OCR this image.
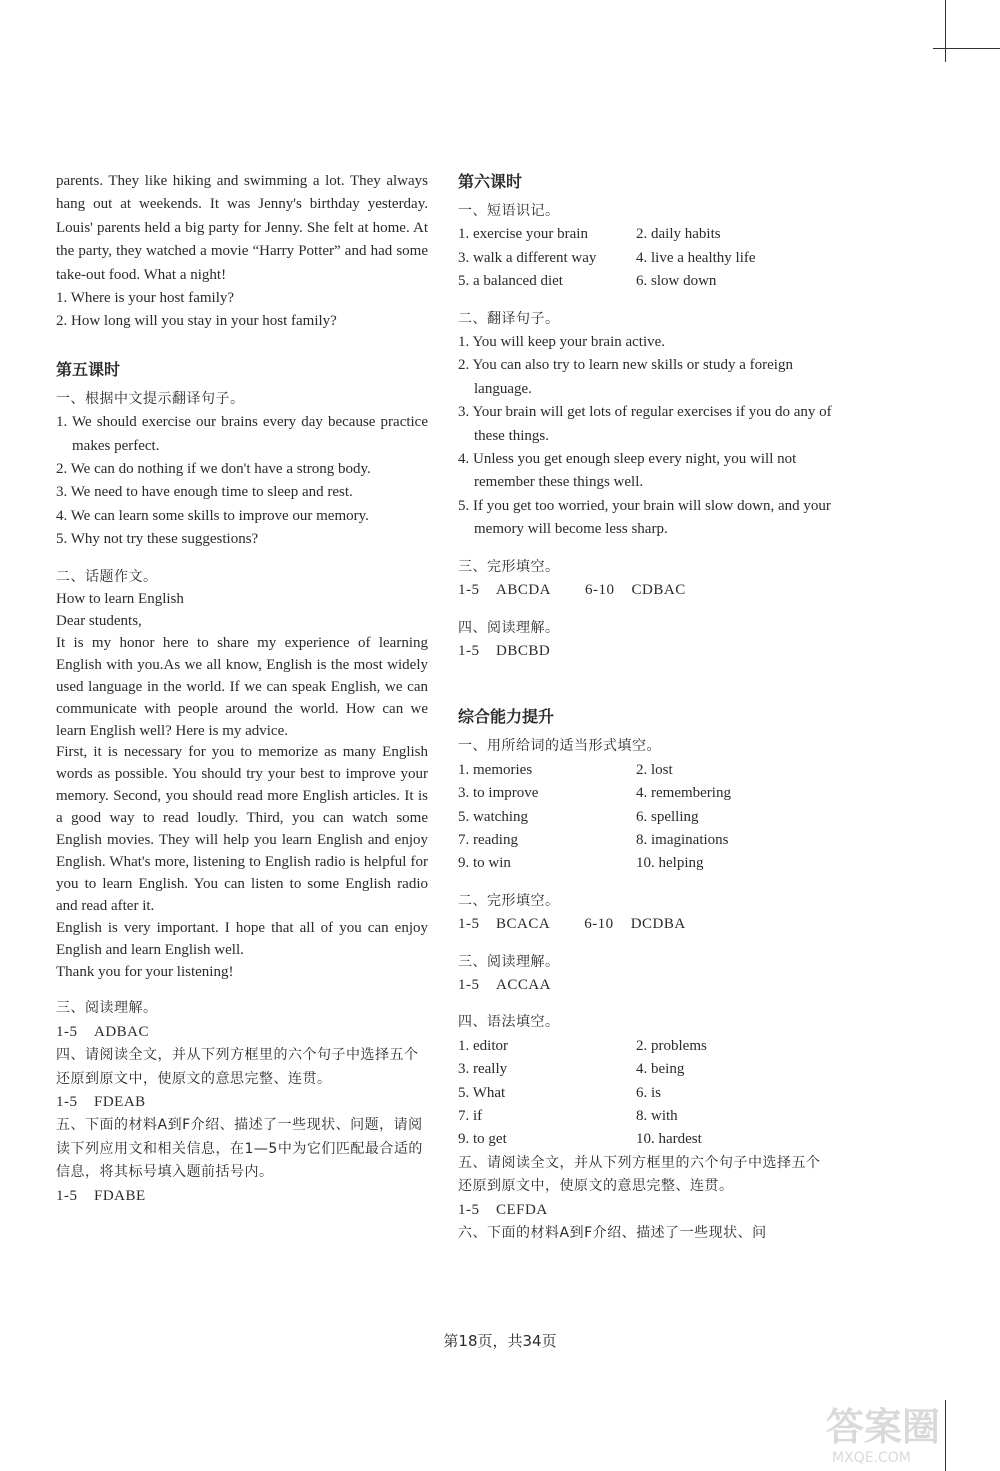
parents. They like hiking and swimming a lot. They always hang out at weekends. It was Jenny's birthday yesterday. Louis' parents held a big party for Jenny. She felt at home. At the party, they watched a movie “Harry Potter” and had some take-out food. What a night!

1. Where is your host family?

2. How long will you stay in your host family?

第五课时
一、根据中文提示翻译句子。

1. We should exercise our brains every day because practice makes perfect.

2. We can do nothing if we don't have a strong body.

3. We need to have enough time to sleep and rest.

4. We can learn some skills to improve our memory.

5. Why not try these suggestions?

二、话题作文。

How to learn English

Dear students,

It is my honor here to share my experience of learning English with you.As we all know, English is the most widely used language in the world. If we can speak English, we can communicate with people around the world. How can we learn English well? Here is my advice.

First, it is necessary for you to memorize as many English words as possible. You should try your best to improve your memory. Second, you should read more English articles. It is a good way to read loudly. Third, you can watch some English movies. They will help you learn English and enjoy English. What's more, listening to English radio is helpful for you to learn English. You can listen to some English radio and read after it.

English is very important. I hope that all of you can enjoy English and learn English well.

Thank you for your listening!

三、阅读理解。
1-5 ADBAC
四、请阅读全文，并从下列方框里的六个句子中选择五个还原到原文中，使原文的意思完整、连贯。
1-5 FDEAB
五、下面的材料A到F介绍、描述了一些现状、问题，请阅读下列应用文和相关信息，在1—5中为它们匹配最合适的信息，将其标号填入题前括号内。
1-5 FDABE
第六课时
一、短语识记。
1. exercise your brain	2. daily habits
3. walk a different way	4. live a healthy life
5. a balanced diet	6. slow down
二、翻译句子。

1. You will keep your brain active.

2. You can also try to learn new skills or study a foreign language.

3. Your brain will get lots of regular exercises if you do any of these things.

4. Unless you get enough sleep every night, you will not remember these things well.

5. If you get too worried, your brain will slow down, and your memory will become less sharp.

三、完形填空。
1-5 ABCDA 6-10 CDBAC
四、阅读理解。
1-5 DBCBD
综合能力提升
一、用所给词的适当形式填空。
1. memories	2. lost
3. to improve	4. remembering
5. watching	6. spelling
7. reading	8. imaginations
9. to win	10. helping
二、完形填空。
1-5 BCACA 6-10 DCDBA
三、阅读理解。
1-5 ACCAA
四、语法填空。
1. editor	2. problems
3. really	4. being
5. What	6. is
7. if	8. with
9. to get	10. hardest
五、请阅读全文，并从下列方框里的六个句子中选择五个还原到原文中，使原文的意思完整、连贯。
1-5 CEFDA
六、下面的材料A到F介绍、描述了一些现状、问
第18页，共34页
答案圈
MXQE.COM
